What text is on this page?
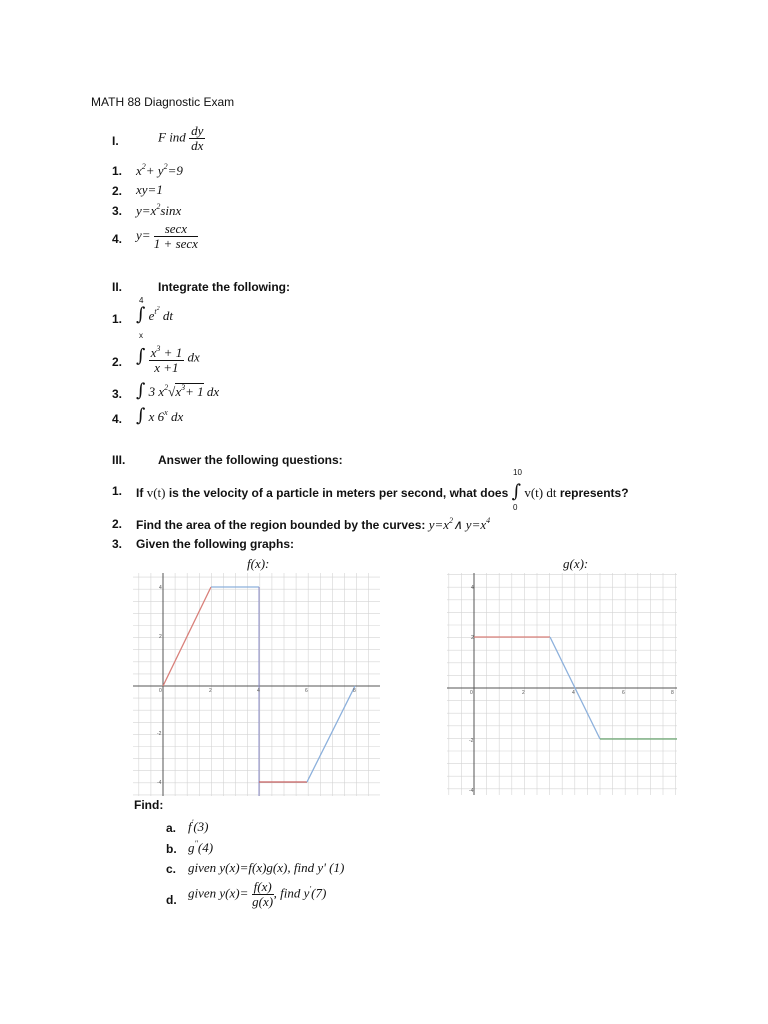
MATH 88 Diagnostic Exam
I.	F ind $\frac{dy}{dx}$
1. $x^2+ y^2=9$
2. xy=1
3. $y=x^2\sin x$
4. $y= \frac{\sec x}{1 + \sec x}$
II.	Integrate the following:
1.
4
∫ $e^{t^2}$ dt
x
2. ∫ $\frac{x^3 + 1}{x +1}$ dx
3. ∫ 3 $x^2√x^3+ 1$ dx
4. ∫ x 6$^x$ dx
III.	Answer the following questions:
1.
10
0
If v(t) is the velocity of a particle in meters per second, what does ∫ v(t) dt represents?
2. Find the area of the region bounded by the curves: $y=x^2\wedge$ $y=x^4$
3. Given the following graphs:
f(x):	g(x):
0	2	4	6	8
4
2
-2
-4
0	2	4	6	8
4
2
-2
-4
Find:
a. f'(3)
b. g''(4)
c. given y(x)=f(x)g(x), find y' (1)
d. given $y(x)= \frac{f(x)}{g(x)}$ , find y'(7)
